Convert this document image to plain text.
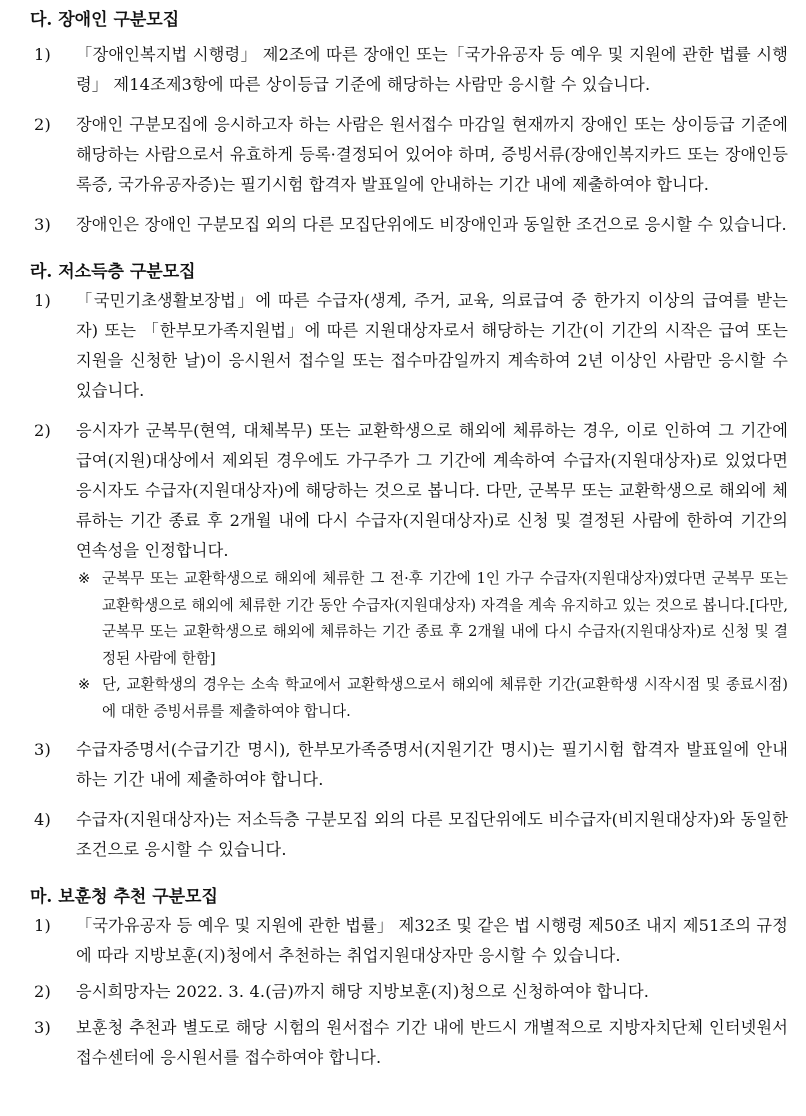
다. 장애인 구분모집
1)	「장애인복지법 시행령」 제2조에 따른 장애인 또는「국가유공자 등 예우 및 지원에 관한 법률 시행령」 제14조제3항에 따른 상이등급 기준에 해당하는 사람만 응시할 수 있습니다.
2)	장애인 구분모집에 응시하고자 하는 사람은 원서접수 마감일 현재까지 장애인 또는 상이등급 기준에 해당하는 사람으로서 유효하게 등록·결정되어 있어야 하며, 증빙서류(장애인복지카드 또는 장애인등록증, 국가유공자증)는 필기시험 합격자 발표일에 안내하는 기간 내에 제출하여야 합니다.
3)	장애인은 장애인 구분모집 외의 다른 모집단위에도 비장애인과 동일한 조건으로 응시할 수 있습니다.
라. 저소득층 구분모집
1)	「국민기초생활보장법」에 따른 수급자(생계, 주거, 교육, 의료급여 중 한가지 이상의 급여를 받는 자) 또는 「한부모가족지원법」에 따른 지원대상자로서 해당하는 기간(이 기간의 시작은 급여 또는 지원을 신청한 날)이 응시원서 접수일 또는 접수마감일까지 계속하여 2년 이상인 사람만 응시할 수 있습니다.
2)	응시자가 군복무(현역, 대체복무) 또는 교환학생으로 해외에 체류하는 경우, 이로 인하여 그 기간에 급여(지원)대상에서 제외된 경우에도 가구주가 그 기간에 계속하여 수급자(지원대상자)로 있었다면 응시자도 수급자(지원대상자)에 해당하는 것으로 봅니다. 다만, 군복무 또는 교환학생으로 해외에 체류하는 기간 종료 후 2개월 내에 다시 수급자(지원대상자)로 신청 및 결정된 사람에 한하여 기간의 연속성을 인정합니다.
※ 군복무 또는 교환학생으로 해외에 체류한 그 전·후 기간에 1인 가구 수급자(지원대상자)였다면 군복무 또는 교환학생으로 해외에 체류한 기간 동안 수급자(지원대상자) 자격을 계속 유지하고 있는 것으로 봅니다.[다만, 군복무 또는 교환학생으로 해외에 체류하는 기간 종료 후 2개월 내에 다시 수급자(지원대상자)로 신청 및 결정된 사람에 한함]
※ 단, 교환학생의 경우는 소속 학교에서 교환학생으로서 해외에 체류한 기간(교환학생 시작시점 및 종료시점)에 대한 증빙서류를 제출하여야 합니다.
3)	수급자증명서(수급기간 명시), 한부모가족증명서(지원기간 명시)는 필기시험 합격자 발표일에 안내하는 기간 내에 제출하여야 합니다.
4)	수급자(지원대상자)는 저소득층 구분모집 외의 다른 모집단위에도 비수급자(비지원대상자)와 동일한 조건으로 응시할 수 있습니다.
마. 보훈청 추천 구분모집
1)	「국가유공자 등 예우 및 지원에 관한 법률」 제32조 및 같은 법 시행령 제50조 내지 제51조의 규정에 따라 지방보훈(지)청에서 추천하는 취업지원대상자만 응시할 수 있습니다.
2)	응시희망자는 2022. 3. 4.(금)까지 해당 지방보훈(지)청으로 신청하여야 합니다.
3)	보훈청 추천과 별도로 해당 시험의 원서접수 기간 내에 반드시 개별적으로 지방자치단체 인터넷원서접수센터에 응시원서를 접수하여야 합니다.
